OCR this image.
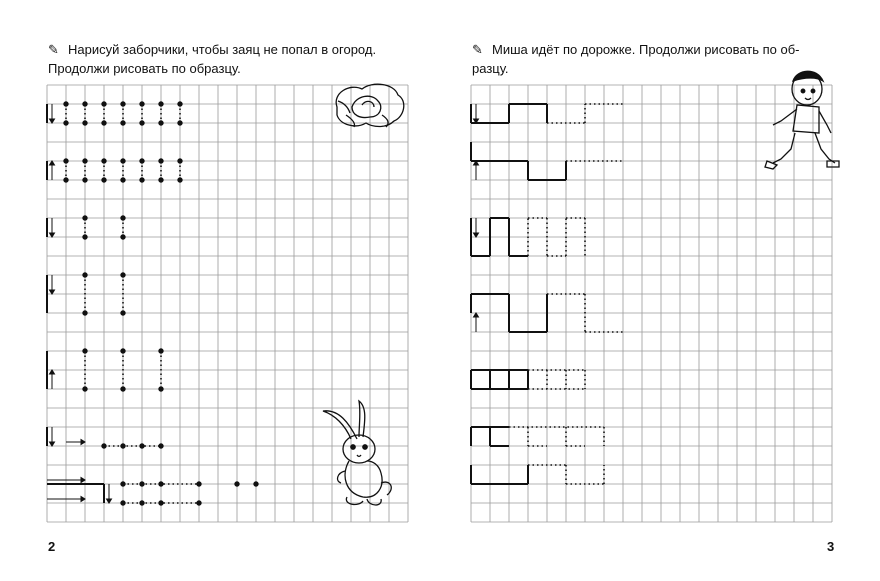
✎ Нарисуй заборчики, чтобы заяц не попал в огород.
Продолжи рисовать по образцу.
2
✎ Миша идёт по дорожке. Продолжи рисовать по об-
разцу.
3
